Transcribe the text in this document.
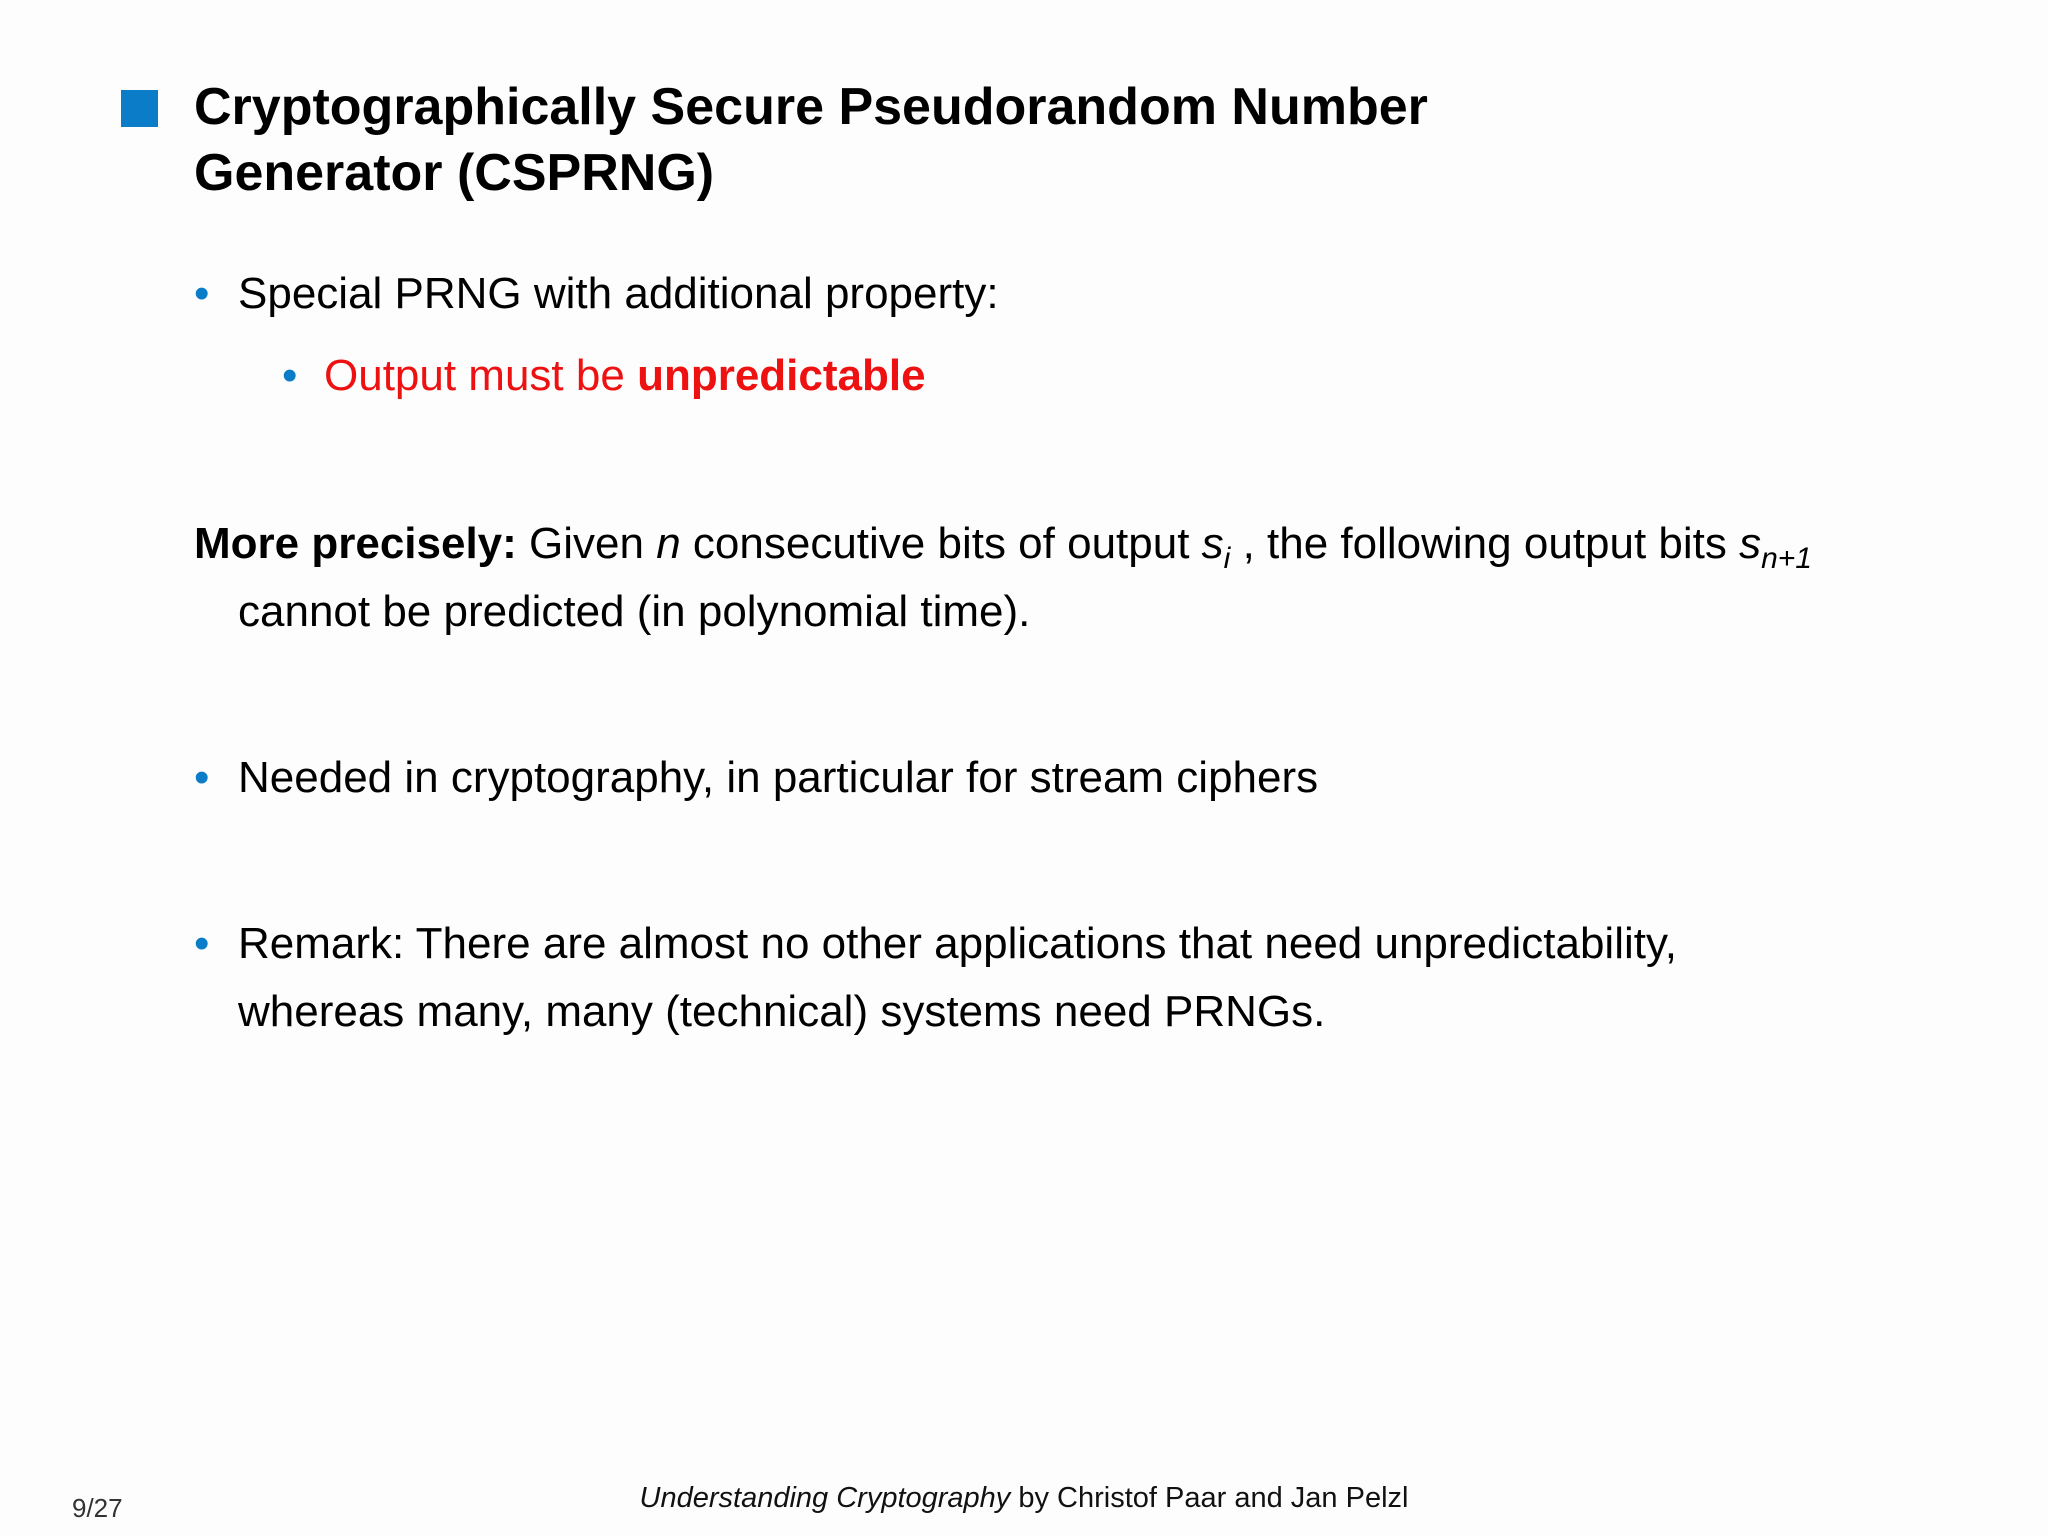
Cryptographically Secure Pseudorandom Number
Generator (CSPRNG)
• Special PRNG with additional property:
• Output must be unpredictable
More precisely: Given n consecutive bits of output $s_i$ , the following output bits $s_{n+1}$
cannot be predicted (in polynomial time).
• Needed in cryptography, in particular for stream ciphers
• Remark: There are almost no other applications that need unpredictability,
whereas many, many (technical) systems need PRNGs.
Understanding Cryptography by Christof Paar and Jan Pelzl
9/27
